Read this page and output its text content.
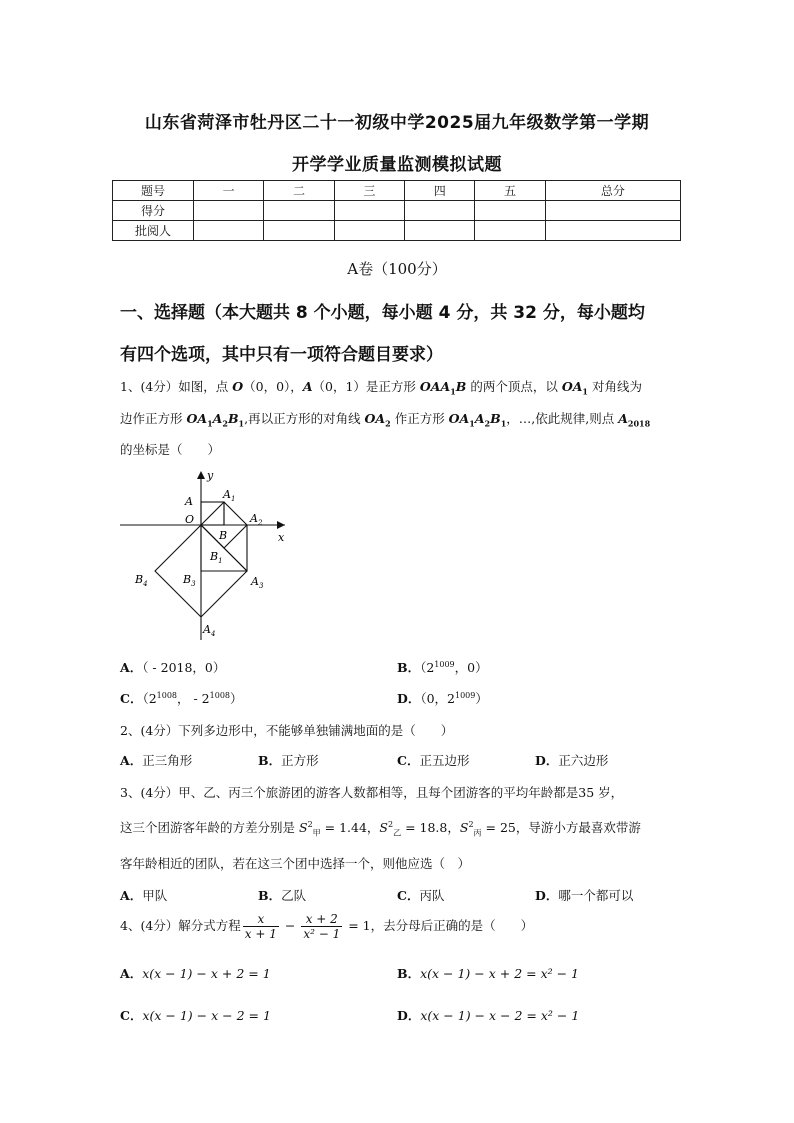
山东省菏泽市牡丹区二十一初级中学2025届九年级数学第一学期
开学学业质量监测模拟试题
题号	一	二	三	四	五	总分
得分						
批阅人						
A卷（100分）
一、选择题（本大题共 8 个小题，每小题 4 分，共 32 分，每小题均
有四个选项，其中只有一项符合题目要求）
1、(4分）如图，点 O（0，0），A（0，1）是正方形 $OAA_1B$ 的两个顶点，以 $OA_1$ 对角线为
边作正方形 $OA_1A_2B_1$,再以正方形的对角线 $OA_2$ 作正方形 $OA_1A_2B_1$，…,依此规律,则点 $A_{2018}$
的坐标是（　　）
y
x
A
O
$A_1$
$A_2$
B
$B_1$
$B_3$
$B_4$	$A_3$
$A_4$
A．（ - 2018，0）	B．（$2^{1009}$，0）
C．（$2^{1008}$， - $2^{1008}$）	D．（0，$2^{1009}$）
2、(4分）下列多边形中，不能够单独铺满地面的是（　　）
A．正三角形	B．正方形	C．正五边形	D．正六边形
3、(4分）甲、乙、丙三个旅游团的游客人数都相等，且每个团游客的平均年龄都是35 岁，
这三个团游客年龄的方差分别是 $S^2_甲 = 1.44$，$S^2_乙 = 18.8$，$S^2_丙 = 25$，导游小方最喜欢带游
客年龄相近的团队，若在这三个团中选择一个，则他应选（　）
A．甲队	B．乙队	C．丙队	D．哪一个都可以
4、(4分）解分式方程 $\frac{x}{x + 1} - \frac{x + 2}{\text{x² − 1}} = 1$，去分母后正确的是（　　）
A．x(x − 1) − x + 2 = 1	B．x(x − 1) − x + 2 = x² − 1
C．x(x − 1) − x − 2 = 1	D．x(x − 1) − x − 2 = x² − 1
